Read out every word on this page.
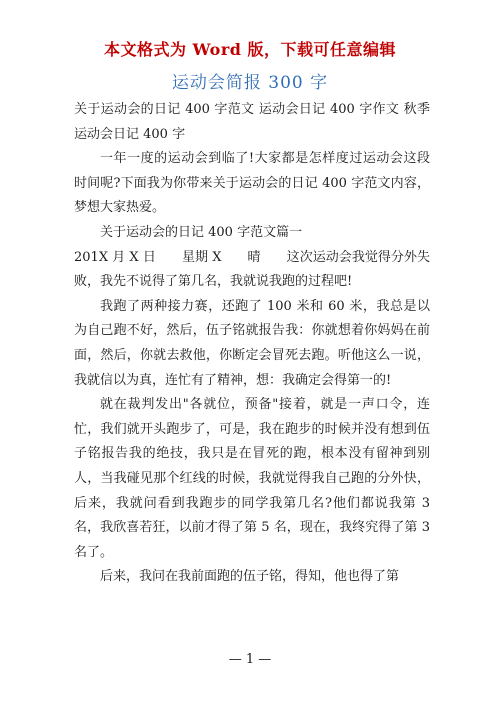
本文格式为 Word 版，下载可任意编辑
运动会简报 300 字

关于运动会的日记 400 字范文 运动会日记 400 字作文 秋季运动会日记 400 字

一年一度的运动会到临了!大家都是怎样度过运动会这段时间呢?下面我为你带来关于运动会的日记 400 字范文内容，梦想大家热爱。

关于运动会的日记 400 字范文篇一

201X 月 X 日　　星期 X　　晴　　这次运动会我觉得分外失败，我先不说得了第几名，我就说我跑的过程吧!

我跑了两种接力赛，还跑了 100 米和 60 米，我总是以为自己跑不好，然后，伍子铭就报告我：你就想着你妈妈在前面，然后，你就去救他，你断定会冒死去跑。听他这么一说，我就信以为真，连忙有了精神，想：我确定会得第一的!

就在裁判发出"各就位，预备"接着，就是一声口令，连忙，我们就开头跑步了，可是，我在跑步的时候并没有想到伍子铭报告我的绝技，我只是在冒死的跑，根本没有留神到别人，当我碰见那个红线的时候，我就觉得我自己跑的分外快，后来，我就问看到我跑步的同学我第几名?他们都说我第 3 名，我欣喜若狂，以前才得了第 5 名，现在，我终究得了第 3 名了。

后来，我问在我前面跑的伍子铭，得知，他也得了第

— 1 —
